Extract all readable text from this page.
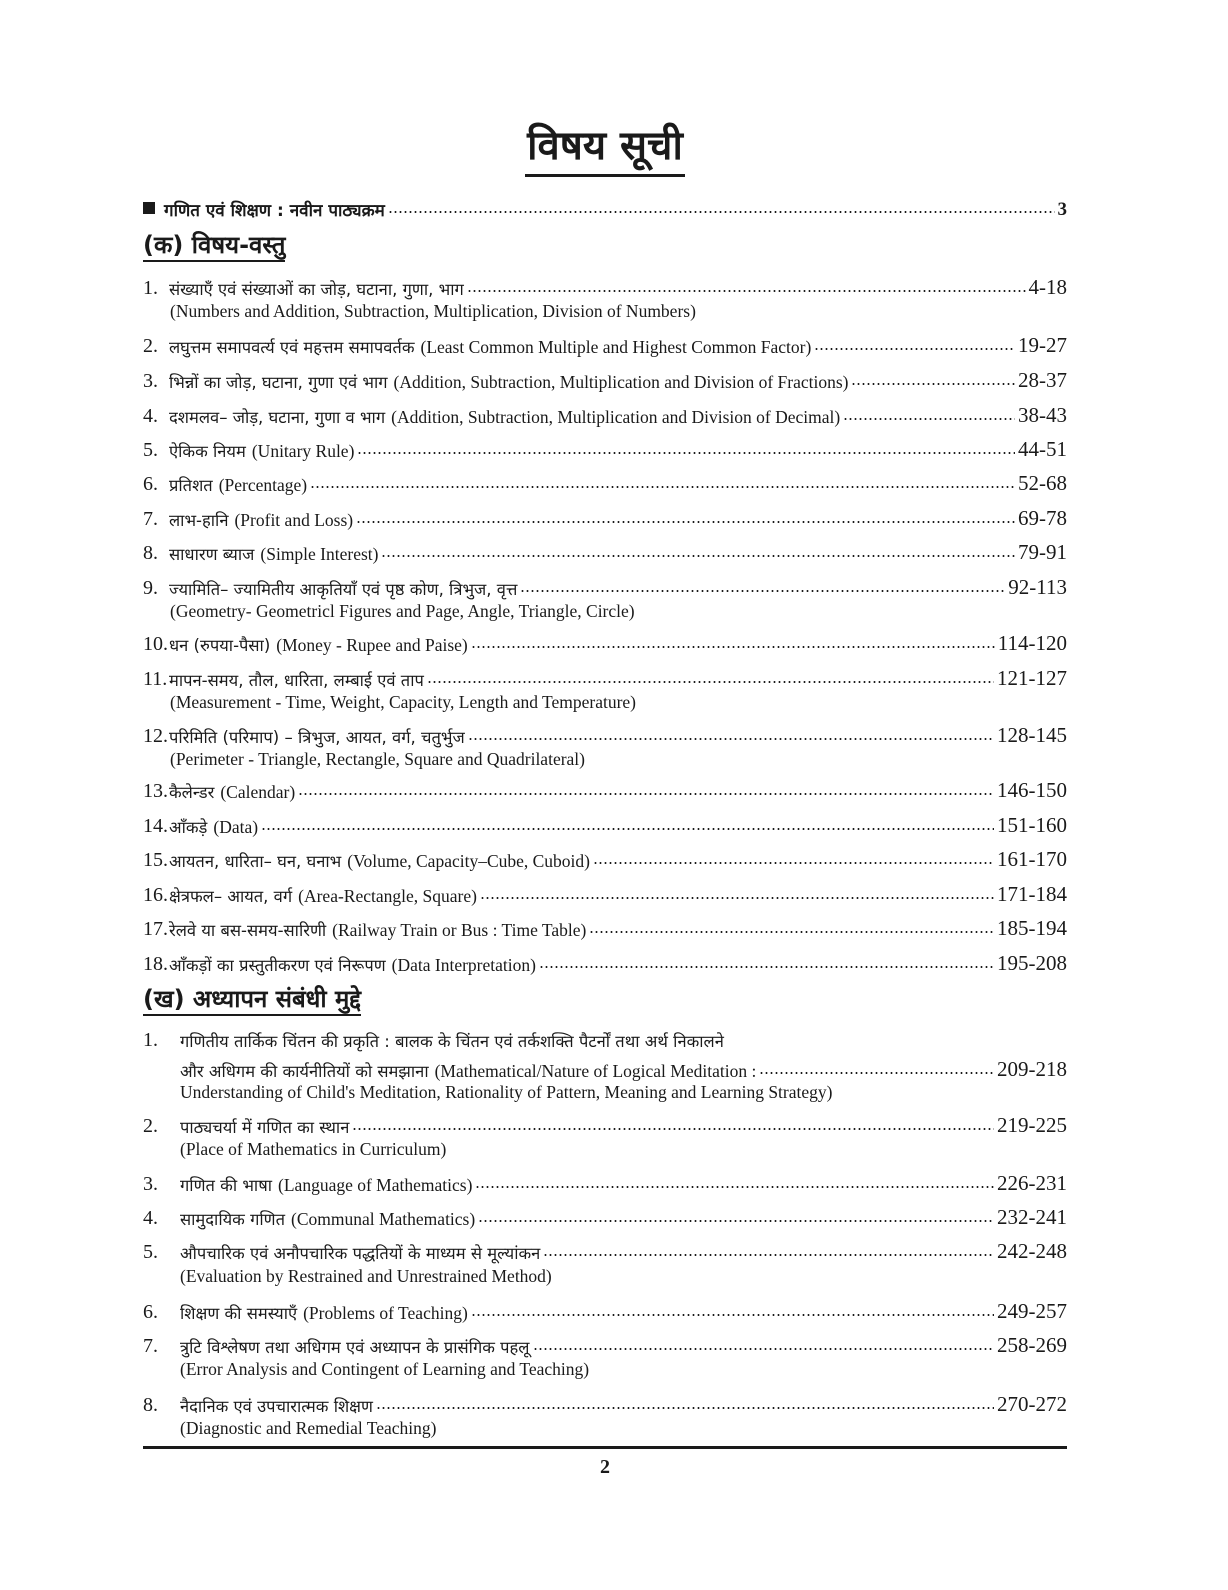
विषय सूची
गणित एवं शिक्षण : नवीन पाठ्यक्रम	3
(क) विषय-वस्तु
1. संख्याएँ एवं संख्याओं का जोड़, घटाना, गुणा, भाग	4-18
(Numbers and Addition, Subtraction, Multiplication, Division of Numbers)
2. लघुत्तम समापवर्त्य एवं महत्तम समापवर्तक (Least Common Multiple and Highest Common Factor)	19-27
3. भिन्नों का जोड़, घटाना, गुणा एवं भाग (Addition, Subtraction, Multiplication and Division of Fractions)	28-37
4. दशमलव– जोड़, घटाना, गुणा व भाग (Addition, Subtraction, Multiplication and Division of Decimal)	38-43
5. ऐकिक नियम (Unitary Rule)	44-51
6. प्रतिशत (Percentage)	52-68
7. लाभ-हानि (Profit and Loss)	69-78
8. साधारण ब्याज (Simple Interest)	79-91
9. ज्यामिति– ज्यामितीय आकृतियाँ एवं पृष्ठ कोण, त्रिभुज, वृत्त	92-113
(Geometry- Geometricl Figures and Page, Angle, Triangle, Circle)
10. धन (रुपया-पैसा) (Money - Rupee and Paise)	114-120
11. मापन-समय, तौल, धारिता, लम्बाई एवं ताप	121-127
(Measurement - Time, Weight, Capacity, Length and Temperature)
12. परिमिति (परिमाप) – त्रिभुज, आयत, वर्ग, चतुर्भुज	128-145
(Perimeter - Triangle, Rectangle, Square and Quadrilateral)
13. कैलेन्डर (Calendar)	146-150
14. आँकड़े (Data)	151-160
15. आयतन, धारिता– घन, घनाभ (Volume, Capacity–Cube, Cuboid)	161-170
16. क्षेत्रफल– आयत, वर्ग (Area-Rectangle, Square)	171-184
17. रेलवे या बस-समय-सारिणी (Railway Train or Bus : Time Table)	185-194
18. आँकड़ों का प्रस्तुतीकरण एवं निरूपण (Data Interpretation)	195-208
(ख) अध्यापन संबंधी मुद्दे
1.	गणितीय तार्किक चिंतन की प्रकृति : बालक के चिंतन एवं तर्कशक्ति पैटर्नों तथा अर्थ निकालने
और अधिगम की कार्यनीतियों को समझाना (Mathematical/Nature of Logical Meditation :	209-218
Understanding of Child's Meditation, Rationality of Pattern, Meaning and Learning Strategy)
2.	पाठ्यचर्या में गणित का स्थान	219-225
(Place of Mathematics in Curriculum)
3.	गणित की भाषा (Language of Mathematics)	226-231
4.	सामुदायिक गणित (Communal Mathematics)	232-241
5.	औपचारिक एवं अनौपचारिक पद्धतियों के माध्यम से मूल्यांकन	242-248
(Evaluation by Restrained and Unrestrained Method)
6.	शिक्षण की समस्याएँ (Problems of Teaching)	249-257
7.	त्रुटि विश्लेषण तथा अधिगम एवं अध्यापन के प्रासंगिक पहलू	258-269
(Error Analysis and Contingent of Learning and Teaching)
8.	नैदानिक एवं उपचारात्मक शिक्षण	270-272
(Diagnostic and Remedial Teaching)
2
